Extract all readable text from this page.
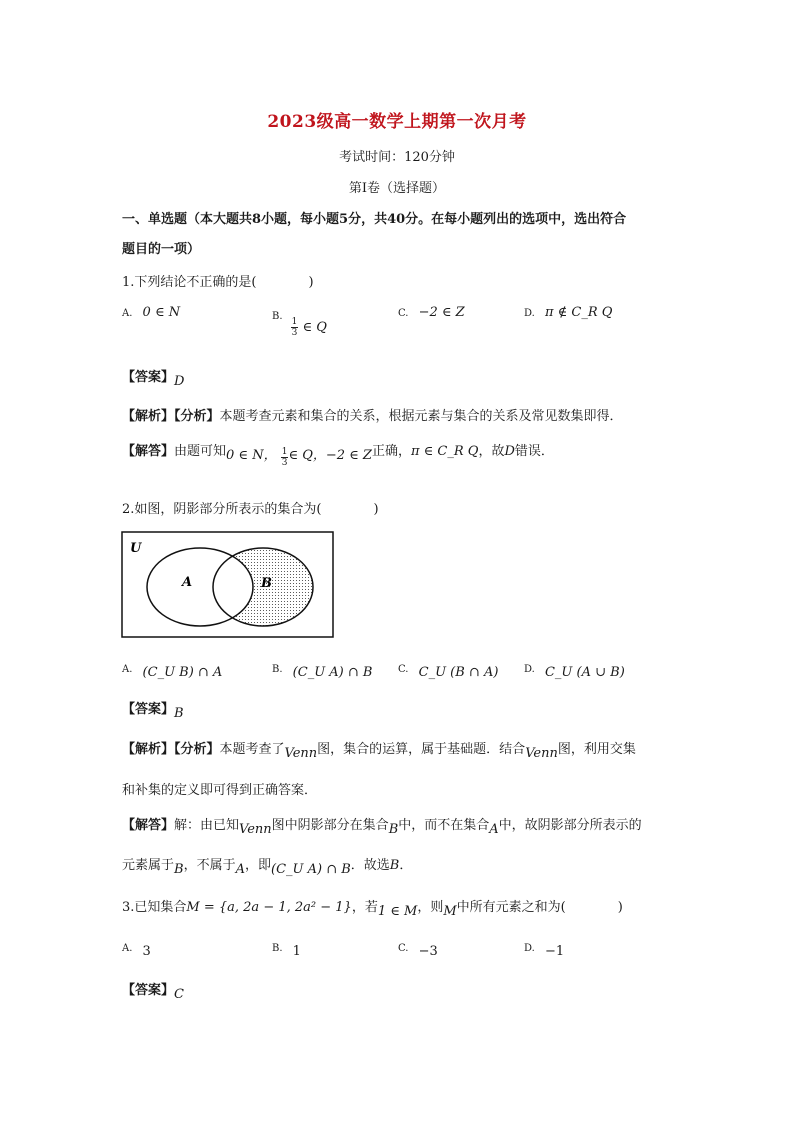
2023级高一数学上期第一次月考
考试时间：120分钟
第Ⅰ卷（选择题）
一、单选题（本大题共8小题，每小题5分，共40分。在每小题列出的选项中，选出符合
题目的一项）
1.下列结论不正确的是(　　　　)
A. 0 ∈ N	B.
$\frac{1}{3}$ ∈ Q
C. −2 ∈ Z	D. π ∉ C_R Q
【答案】D
【解析】【分析】本题考查元素和集合的关系，根据元素与集合的关系及常见数集即得．
【解答】由题可知0 ∈ N， $\frac{1}{3}$ ∈ Q，−2 ∈ Z正确，π ∈ C_R Q，故D错误．
2.如图，阴影部分所表示的集合为(　　　　)
U
A	B
A. (C_U B) ∩ A	B. (C_U A) ∩ B	C. C_U (B ∩ A)	D. C_U (A ∪ B)
【答案】B
【解析】【分析】本题考查了Venn图，集合的运算，属于基础题．结合Venn图，利用交集
和补集的定义即可得到正确答案．
【解答】解：由已知Venn图中阴影部分在集合B中，而不在集合A中，故阴影部分所表示的
元素属于B，不属于A，即(C_U A) ∩ B．故选B．
3.已知集合M = {a, 2a − 1, 2a² − 1}，若1 ∈ M，则M中所有元素之和为(　　　　)
A. 3	B. 1	C. −3	D. −1
【答案】C
